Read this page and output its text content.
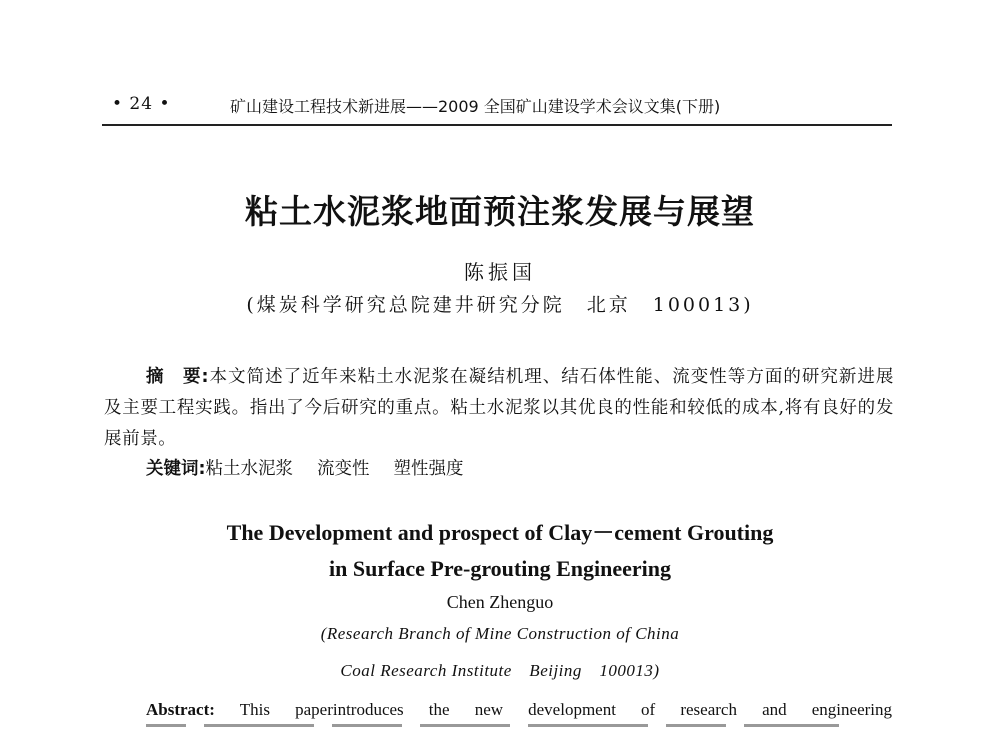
• 24 •	矿山建设工程技术新进展——2009 全国矿山建设学术会议文集(下册)
粘土水泥浆地面预注浆发展与展望
陈振国
(煤炭科学研究总院建井研究分院　北京　100013)
摘　要:本文简述了近年来粘土水泥浆在凝结机理、结石体性能、流变性等方面的研究新进展及主要工程实践。指出了今后研究的重点。粘土水泥浆以其优良的性能和较低的成本,将有良好的发展前景。
关键词:粘土水泥浆 流变性 塑性强度
The Development and prospect of Clay－cement Grouting
in Surface Pre-grouting Engineering
Chen Zhenguo
(Research Branch of Mine Construction of China
Coal Research Institute　Beijing　100013)
Abstract: This paperintroduces the new development of research and engineering
